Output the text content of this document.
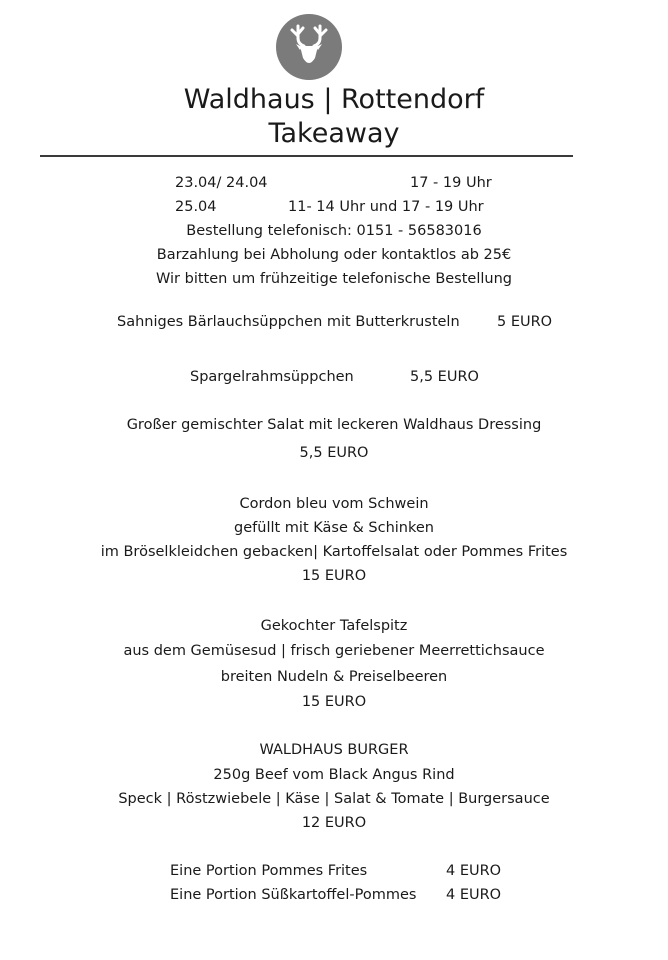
Waldhaus | Rottendorf
Takeaway
23.04/ 24.04	17 - 19 Uhr
25.04	11- 14 Uhr und 17 - 19 Uhr
Bestellung telefonisch: 0151 - 56583016
Barzahlung bei Abholung oder kontaktlos ab 25€
Wir bitten um frühzeitige telefonische Bestellung
Sahniges Bärlauchsüppchen mit Butterkrusteln	5 EURO
Spargelrahmsüppchen	5,5 EURO
Großer gemischter Salat mit leckeren Waldhaus Dressing
5,5 EURO
Cordon bleu vom Schwein
gefüllt mit Käse & Schinken
im Bröselkleidchen gebacken| Kartoffelsalat oder Pommes Frites
15 EURO
Gekochter Tafelspitz
aus dem Gemüsesud | frisch geriebener Meerrettichsauce
breiten Nudeln & Preiselbeeren
15 EURO
WALDHAUS BURGER
250g Beef vom Black Angus Rind
Speck | Röstzwiebele | Käse | Salat & Tomate | Burgersauce
12 EURO
Eine Portion Pommes Frites	4 EURO
Eine Portion Süßkartoffel-Pommes 4 EURO
